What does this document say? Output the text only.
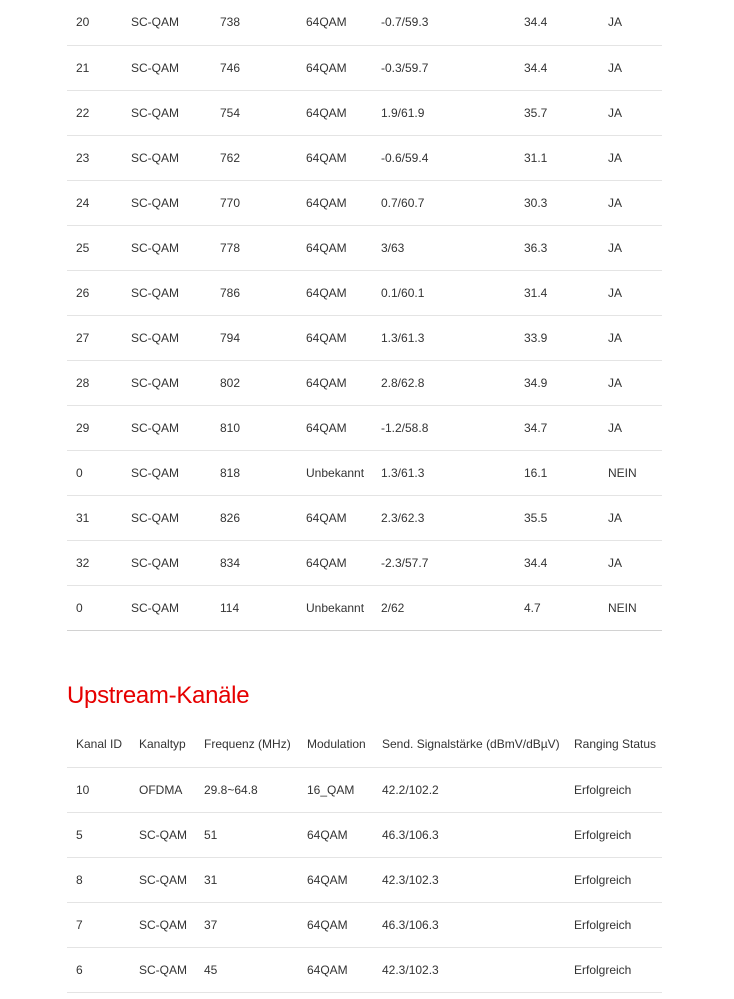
20	SC-QAM	738	64QAM	-0.7/59.3	34.4	JA
21	SC-QAM	746	64QAM	-0.3/59.7	34.4	JA
22	SC-QAM	754	64QAM	1.9/61.9	35.7	JA
23	SC-QAM	762	64QAM	-0.6/59.4	31.1	JA
24	SC-QAM	770	64QAM	0.7/60.7	30.3	JA
25	SC-QAM	778	64QAM	3/63	36.3	JA
26	SC-QAM	786	64QAM	0.1/60.1	31.4	JA
27	SC-QAM	794	64QAM	1.3/61.3	33.9	JA
28	SC-QAM	802	64QAM	2.8/62.8	34.9	JA
29	SC-QAM	810	64QAM	-1.2/58.8	34.7	JA
0	SC-QAM	818	Unbekannt	1.3/61.3	16.1	NEIN
31	SC-QAM	826	64QAM	2.3/62.3	35.5	JA
32	SC-QAM	834	64QAM	-2.3/57.7	34.4	JA
0	SC-QAM	114	Unbekannt	2/62	4.7	NEIN
Upstream-Kanäle
Kanal ID	Kanaltyp	Frequenz (MHz)	Modulation	Send. Signalstärke (dBmV/dBµV)	Ranging Status
10	OFDMA	29.8~64.8	16_QAM	42.2/102.2	Erfolgreich
5	SC-QAM	51	64QAM	46.3/106.3	Erfolgreich
8	SC-QAM	31	64QAM	42.3/102.3	Erfolgreich
7	SC-QAM	37	64QAM	46.3/106.3	Erfolgreich
6	SC-QAM	45	64QAM	42.3/102.3	Erfolgreich
